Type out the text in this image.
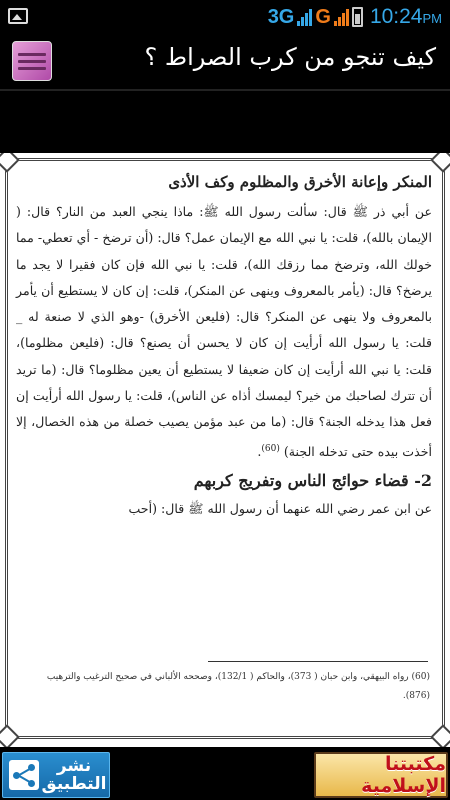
3G G 10:24PM
كيف تنجو من كرب الصراط ؟

المنكر وإعانة الأخرق والمظلوم وكف الأذى

عن أبي ذر ﷺ قال: سألت رسول الله ﷺ: ماذا ينجي العبد من النار؟ قال: ( الإيمان بالله)، قلت: يا نبي الله مع الإيمان عمل؟ قال: (أن ترضخ - أي تعطي- مما خولك الله، وترضخ مما رزقك الله)، قلت: يا نبي الله فإن كان فقيرا لا يجد ما يرضخ؟ قال: (يأمر بالمعروف وينهى عن المنكر)، قلت: إن كان لا يستطيع أن يأمر بالمعروف ولا ينهى عن المنكر؟ قال: (فليعن الأخرق) -وهو الذي لا صنعة له _ قلت: يا رسول الله أرأيت إن كان لا يحسن أن يصنع؟ قال: (فليعن مظلوما)، قلت: يا نبي الله أرأيت إن كان ضعيفا لا يستطيع أن يعين مظلوما؟ قال: (ما تريد أن تترك لصاحبك من خير؟ ليمسك أذاه عن الناس)، قلت: يا رسول الله أرأيت إن فعل هذا يدخله الجنة؟ قال: (ما من عبد مؤمن يصيب خصلة من هذه الخصال، إلا أخذت بيده حتى تدخله الجنة) $^{(60)}$.

2- قضاء حوائج الناس وتفريج كربهم

عن ابن عمر رضي الله عنهما أن رسول الله ﷺ قال: (أحب

(60) رواه البيهقي، وابن حبان ( 373)، والحاكم ( 132/1)، وصححه الألباني في صحيح الترغيب والترهيب (876).
نشر التطبيق
مكتبتنا الإسلامية
